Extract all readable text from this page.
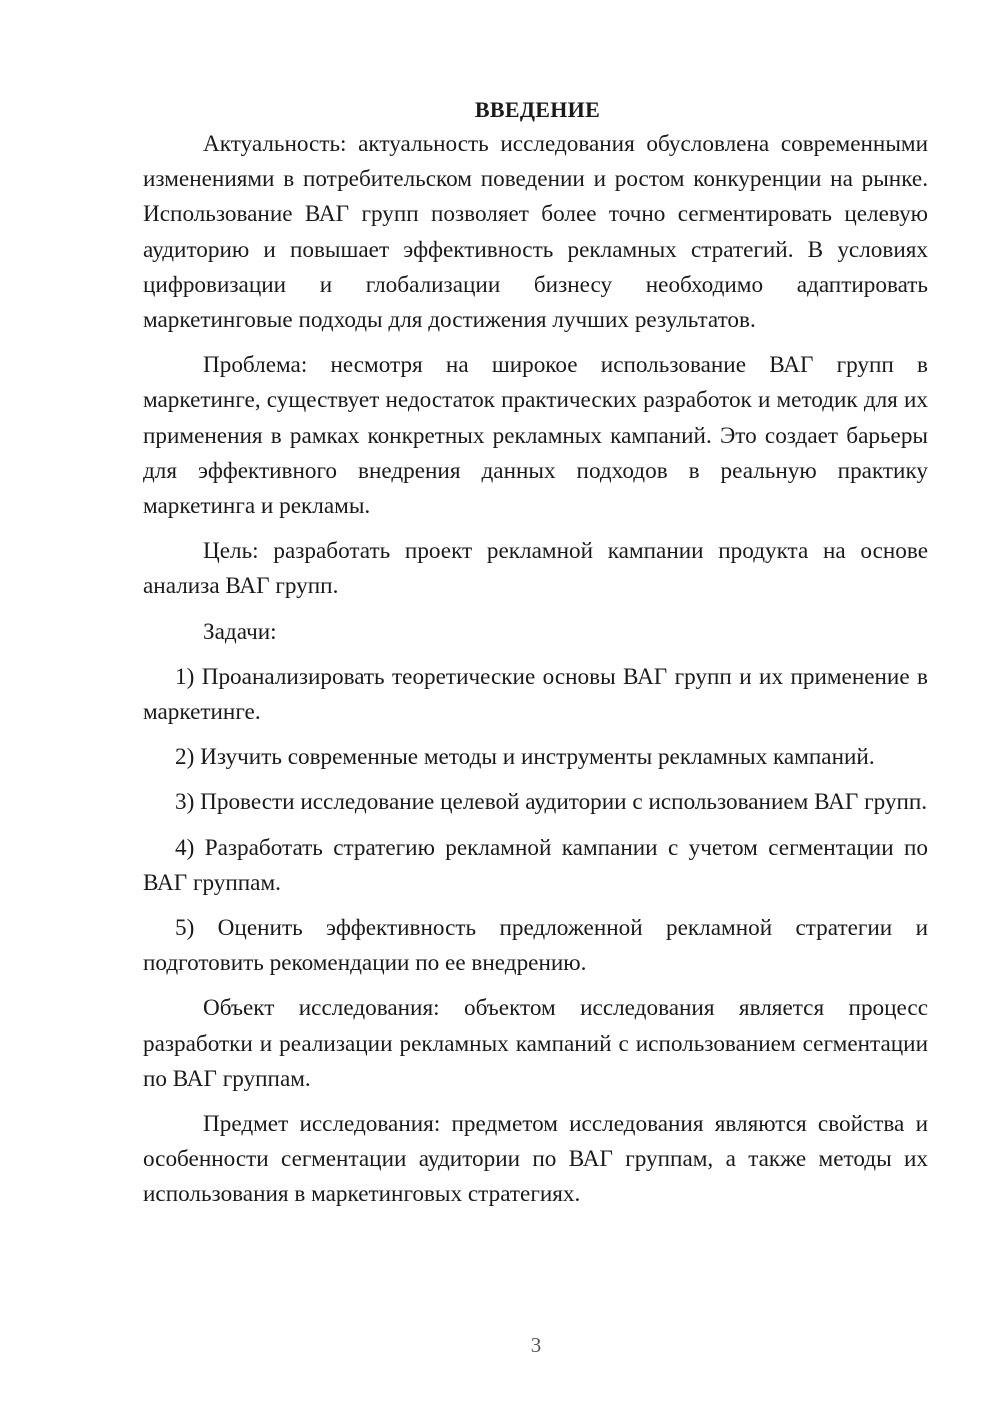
ВВЕДЕНИЕ

Актуальность: актуальность исследования обусловлена современными изменениями в потребительском поведении и ростом конкуренции на рынке. Использование ВАГ групп позволяет более точно сегментировать целевую аудиторию и повышает эффективность рекламных стратегий. В условиях цифровизации и глобализации бизнесу необходимо адаптировать маркетинговые подходы для достижения лучших результатов.

Проблема: несмотря на широкое использование ВАГ групп в маркетинге, существует недостаток практических разработок и методик для их применения в рамках конкретных рекламных кампаний. Это создает барьеры для эффективного внедрения данных подходов в реальную практику маркетинга и рекламы.

Цель: разработать проект рекламной кампании продукта на основе анализа ВАГ групп.

Задачи:

1) Проанализировать теоретические основы ВАГ групп и их применение в маркетинге.

2) Изучить современные методы и инструменты рекламных кампаний.

3) Провести исследование целевой аудитории с использованием ВАГ групп.

4) Разработать стратегию рекламной кампании с учетом сегментации по ВАГ группам.

5) Оценить эффективность предложенной рекламной стратегии и подготовить рекомендации по ее внедрению.

Объект исследования: объектом исследования является процесс разработки и реализации рекламных кампаний с использованием сегментации по ВАГ группам.

Предмет исследования: предметом исследования являются свойства и особенности сегментации аудитории по ВАГ группам, а также методы их использования в маркетинговых стратегиях.

3
